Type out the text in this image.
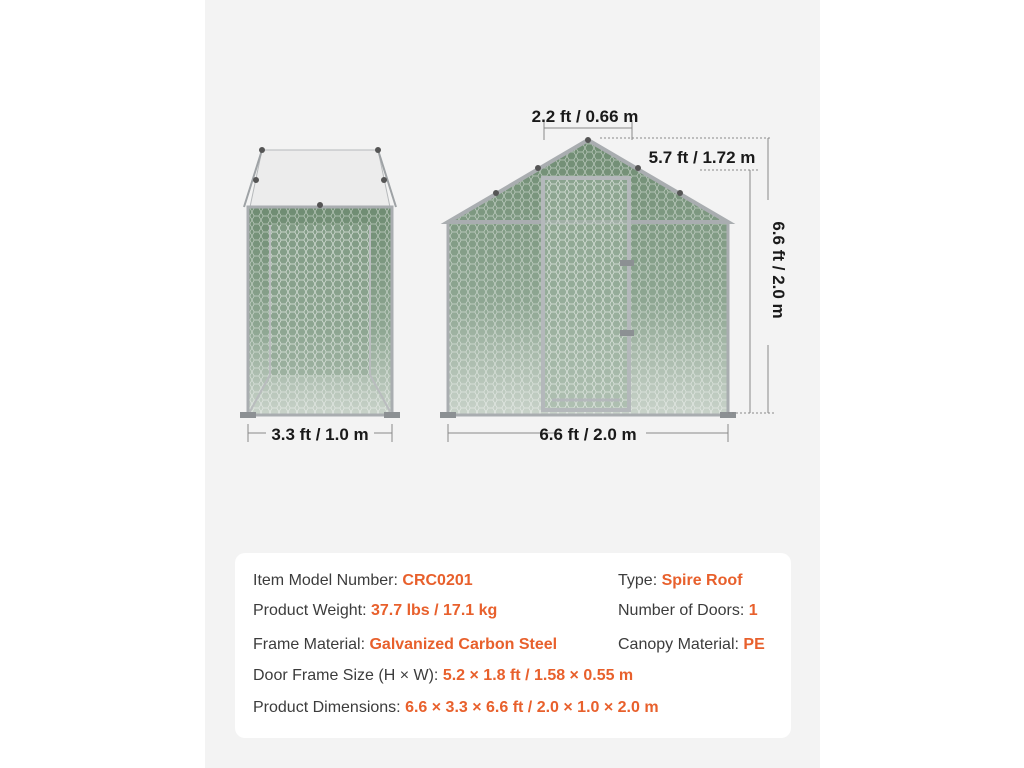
3.3 ft / 1.0 m	6.6 ft / 2.0 m
2.2 ft / 0.66 m
5.7 ft / 1.72 m
6.6 ft / 2.0 m
Item Model Number: CRC0201	Type: Spire Roof
Product Weight: 37.7 lbs / 17.1 kg	Number of Doors: 1
Frame Material: Galvanized Carbon Steel	Canopy Material: PE
Door Frame Size (H × W): 5.2 × 1.8 ft / 1.58 × 0.55 m
Product Dimensions: 6.6 × 3.3 × 6.6 ft / 2.0 × 1.0 × 2.0 m
